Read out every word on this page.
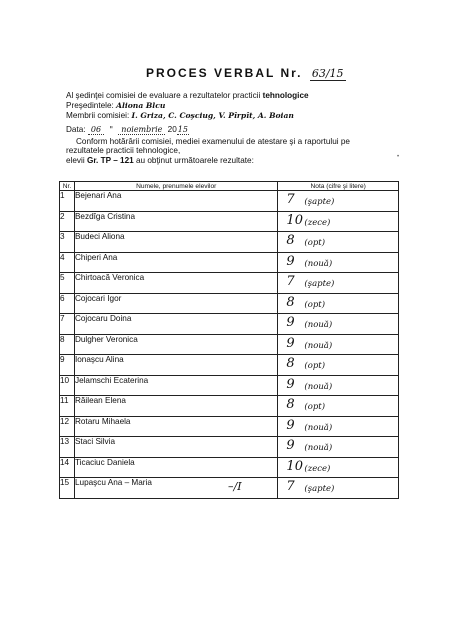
PROCES VERBAL Nr. 63/15
Al şedinţei comisiei de evaluare a rezultatelor practicii tehnologice
Preşedintele: Aliona Blcu
Membrii comisiei: I. Griza, C. Coşciug, V. Pîrpît, A. Boian
Data: 06 " noiembrie 2015
Conform hotărârii comisiei, mediei examenului de atestare şi a raportului pe
rezultatele practicii tehnologice,
elevii Gr. TP – 121 au obţinut următoarele rezultate:	•
Nr.	Numele, prenumele elevilor	Nota (cifre şi litere)
1	Bejenari Ana	7 (şapte)

2	Bezdîga Cristina	10 (zece)

3	Budeci Aliona	8 (opt)

4	Chiperi Ana	9 (nouă)

5	Chirtoacă Veronica	7 (şapte)

6	Cojocari Igor	8 (opt)

7	Cojocaru Doina	9 (nouă)

8	Dulgher Veronica	9 (nouă)

9	Ionaşcu Alina	8 (opt)

10	Jelamschi Ecaterina	9 (nouă)

11	Răilean Elena	8 (opt)

12	Rotaru Mihaela	9 (nouă)

13	Staci Silvia	9 (nouă)

14	Ticaciuc Daniela	10 (zece)

15	Lupaşcu Ana – Maria	7 (şapte)
–/I
